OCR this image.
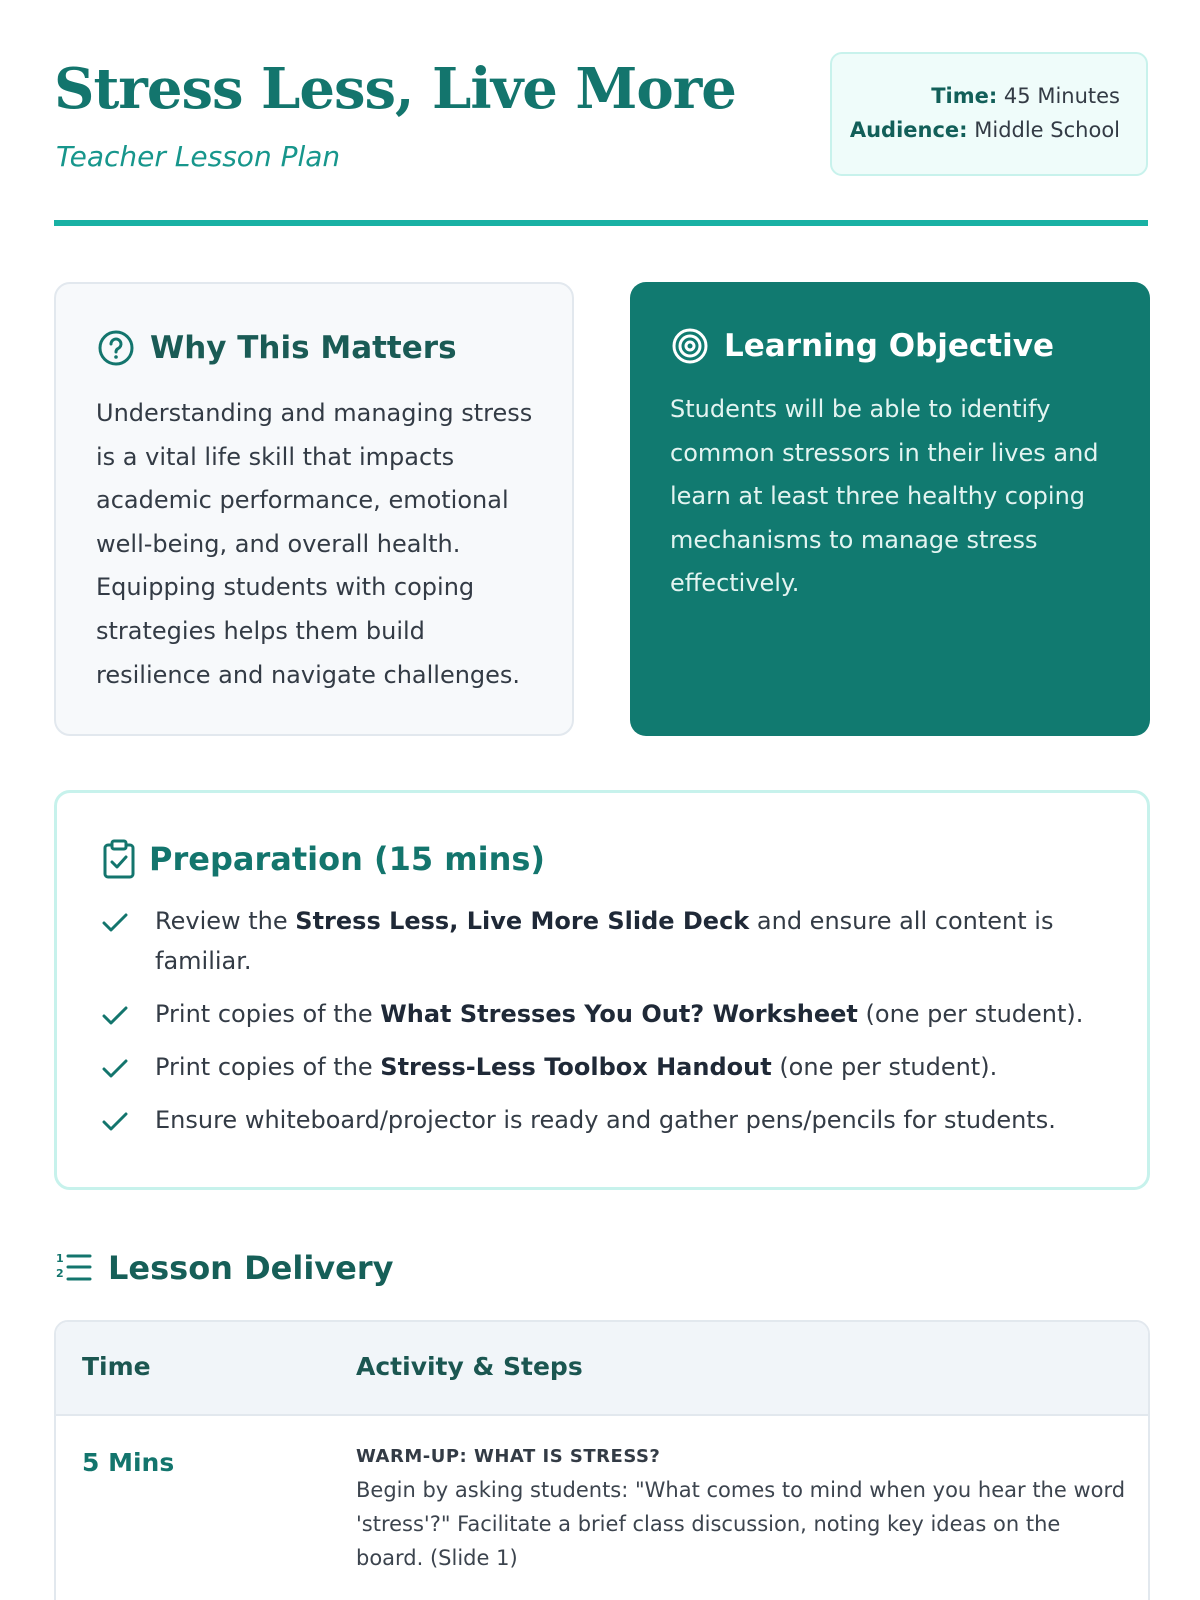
Stress Less, Live More
Teacher Lesson Plan
Time: 45 Minutes
Audience: Middle School
Why This Matters

Understanding and managing stress is a vital life skill that impacts academic performance, emotional well-being, and overall health. Equipping students with coping strategies helps them build resilience and navigate challenges.

Learning Objective

Students will be able to identify common stressors in their lives and learn at least three healthy coping mechanisms to manage stress effectively.

Preparation (15 mins)
Review the Stress Less, Live More Slide Deck and ensure all content is familiar.
Print copies of the What Stresses You Out? Worksheet (one per student).
Print copies of the Stress-Less Toolbox Handout (one per student).
Ensure whiteboard/projector is ready and gather pens/pencils for students.
1
2 Lesson Delivery
Time	Activity & Steps
5 Mins	WARM-UP: WHAT IS STRESS?

Begin by asking students: "What comes to mind when you hear the word 'stress'?" Facilitate a brief class discussion, noting key ideas on the board. (Slide 1)
